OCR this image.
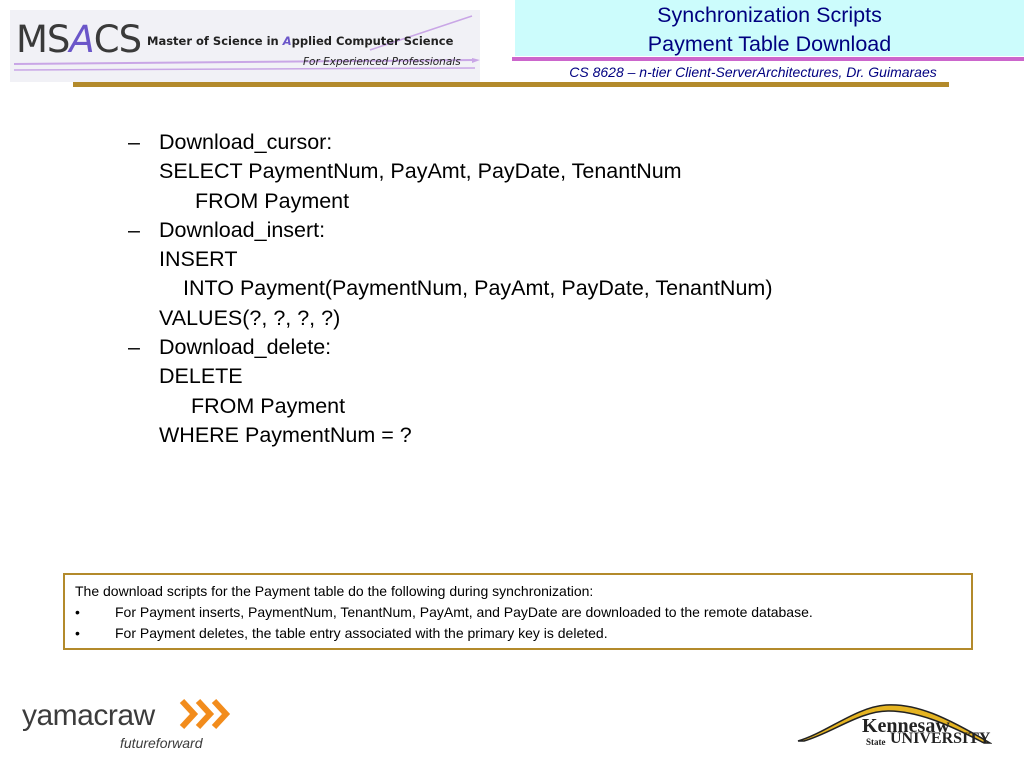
MSACS Master of Science in Applied Computer Science
For Experienced Professionals
Synchronization Scripts
Payment Table Download
CS 8628 – n-tier Client-ServerArchitectures, Dr. Guimaraes
– Download_cursor:
SELECT PaymentNum, PayAmt, PayDate, TenantNum
FROM Payment
– Download_insert:
INSERT
INTO Payment(PaymentNum, PayAmt, PayDate, TenantNum)
VALUES(?, ?, ?, ?)
– Download_delete:
DELETE
FROM Payment
WHERE PaymentNum = ?
The download scripts for the Payment table do the following during synchronization:
•	For Payment inserts, PaymentNum, TenantNum, PayAmt, and PayDate are downloaded to the remote database.
•	For Payment deletes, the table entry associated with the primary key is deleted.
yamacraw
futureforward
Kennesaw
State UNIVERSITY
